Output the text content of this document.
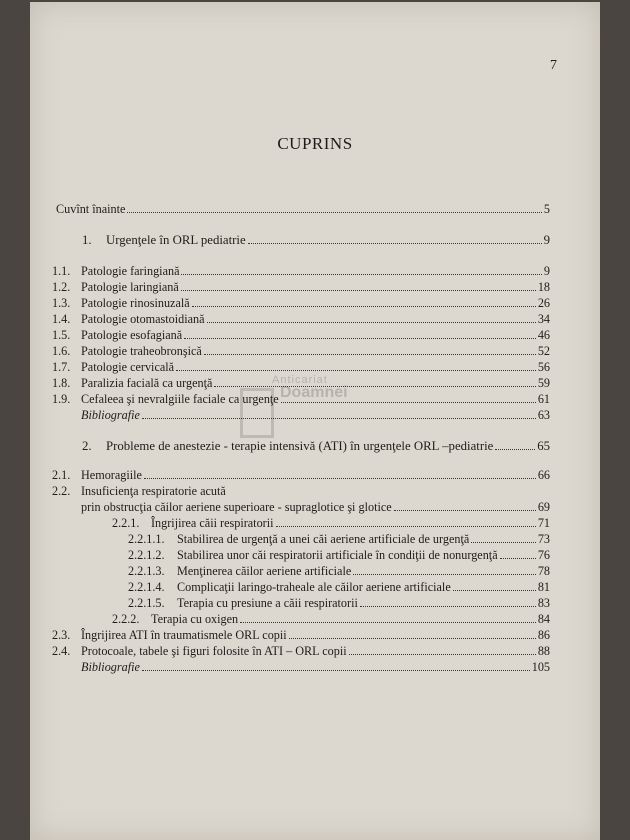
7
CUPRINS
Anticariat
Doamnei
Cuvînt înainte	5
1. Urgenţele în ORL pediatrie	9
1.1. Patologie faringiană	9
1.2. Patologie laringiană	18
1.3. Patologie rinosinuzală	26
1.4. Patologie otomastoidiană	34
1.5. Patologie esofagiană	46
1.6. Patologie traheobronşică	52
1.7. Patologie cervicală	56
1.8. Paralizia facială ca urgenţă	59
1.9. Cefaleea şi nevralgiile faciale ca urgenţe	61
Bibliografie	63
2. Probleme de anestezie - terapie intensivă (ATI) în urgenţele ORL –pediatrie	65
2.1. Hemoragiile	66
2.2. Insuficienţa respiratorie acută
prin obstrucţia căilor aeriene superioare - supraglotice şi glotice	69
2.2.1. Îngrijirea căii respiratorii	71
2.2.1.1. Stabilirea de urgenţă a unei căi aeriene artificiale de urgenţă	73
2.2.1.2. Stabilirea unor căi respiratorii artificiale în condiţii de nonurgenţă	76
2.2.1.3. Menţinerea căilor aeriene artificiale	78
2.2.1.4. Complicaţii laringo-traheale ale căilor aeriene artificiale	81
2.2.1.5. Terapia cu presiune a căii respiratorii	83
2.2.2. Terapia cu oxigen	84
2.3. Îngrijirea ATI în traumatismele ORL copii	86
2.4. Protocoale, tabele şi figuri folosite în ATI – ORL copii	88
Bibliografie	105
